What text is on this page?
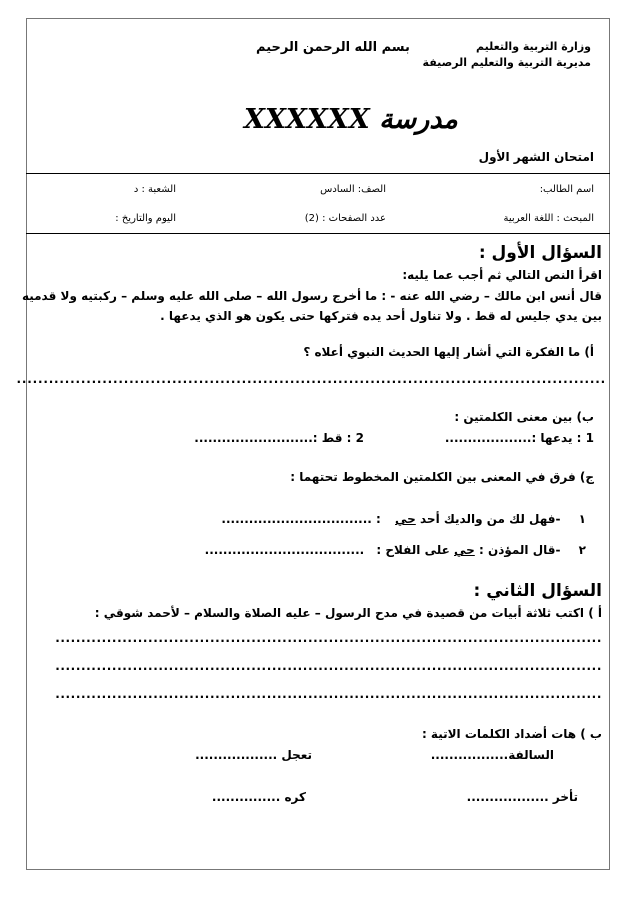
وزارة التربية والتعليم
مديرية التربية والتعليم الرصيفة
بسم الله الرحمن الرحيم
مدرسة XXXXXX
امتحان الشهر الأول
اسم الطالب:
الصف: السادس
الشعبة : د
المبحث : اللغة العربية
عدد الصفحات : (2)
اليوم والتاريخ :
السؤال الأول :
اقرأ النص التالي ثم أجب عما يليه:
قال أنس ابن مالك – رضي الله عنه - : ما أخرج رسول الله – صلى الله عليه وسلم – ركبتيه ولا قدميه
بين يدي جليس له قط . ولا تناول أحد يده فتركها حتى يكون هو الذي يدعها .
أ) ما الفكرة التي أشار إليها الحديث النبوي أعلاه ؟
..............................................................................................................
ب) بين معنى الكلمتين :
1 : يدعها :...................
2 : قط :..........................
ج) فرق في المعنى بين الكلمتين المخطوط تحتهما :
١ -فهل لك من والديك أحد حي : .................................
٢ -قال المؤذن : حي على الفلاح : ...................................
السؤال الثاني :
أ ) اكتب ثلاثة أبيات من قصيدة في مدح الرسول – عليه الصلاة والسلام – لأحمد شوقي :
..........................................................................................................
..........................................................................................................
..........................................................................................................
ب ) هات أضداد الكلمات الاتية :
السالفة.................
تعجل ..................
تأخر ..................
كره ...............
